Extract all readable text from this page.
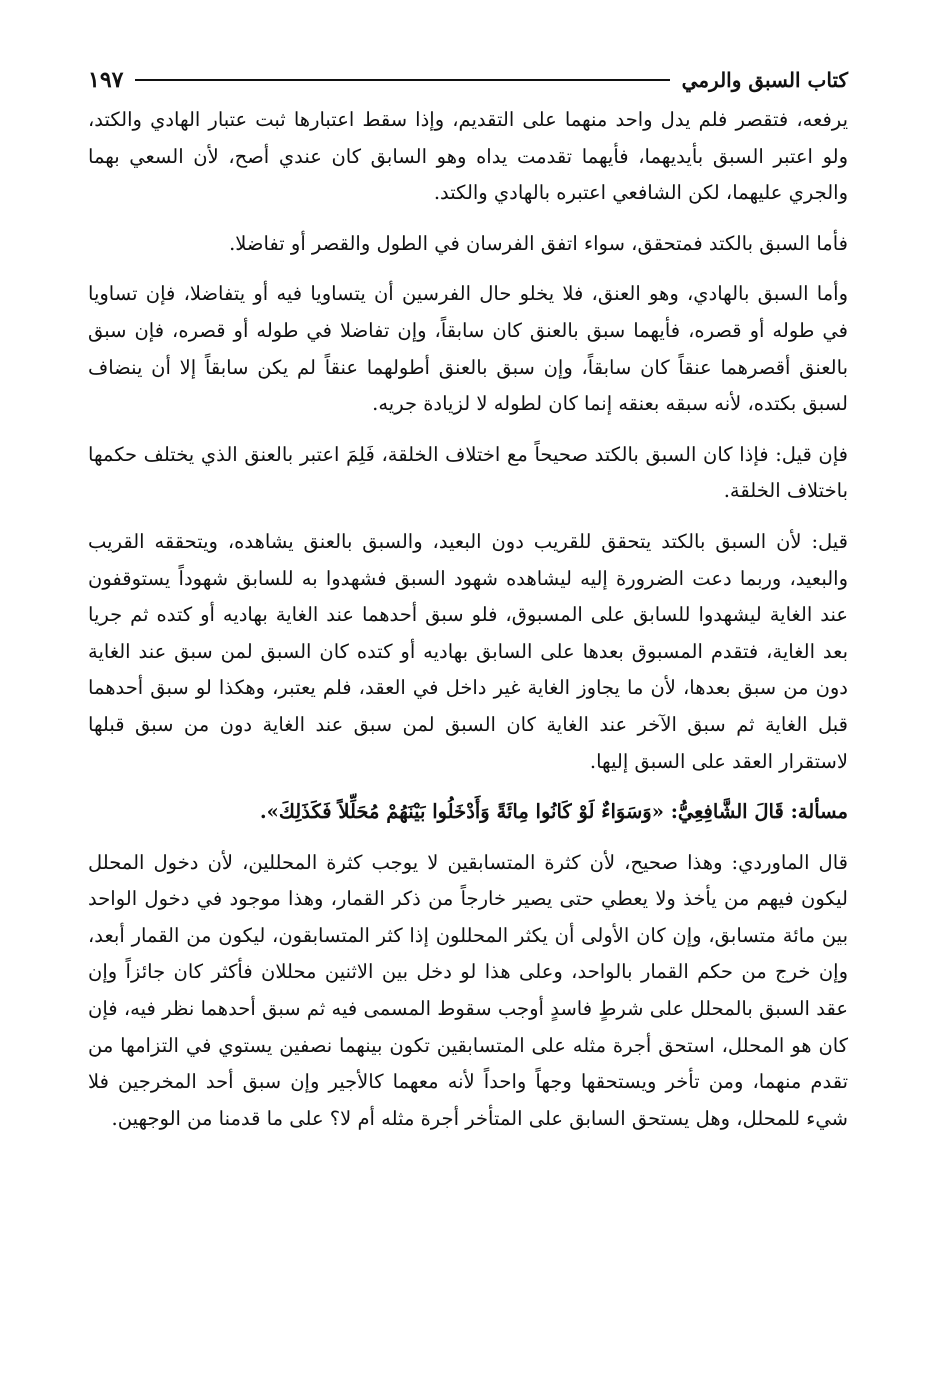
كتاب السبق والرمي
١٩٧

يرفعه، فتقصر فلم يدل واحد منهما على التقديم، وإذا سقط اعتبارها ثبت عتبار الهادي والكتد، ولو اعتبر السبق بأيديهما، فأيهما تقدمت يداه وهو السابق كان عندي أصح، لأن السعي بهما والجري عليهما، لكن الشافعي اعتبره بالهادي والكتد.

فأما السبق بالكتد فمتحقق، سواء اتفق الفرسان في الطول والقصر أو تفاضلا.

وأما السبق بالهادي، وهو العنق، فلا يخلو حال الفرسين أن يتساويا فيه أو يتفاضلا، فإن تساويا في طوله أو قصره، فأيهما سبق بالعنق كان سابقاً، وإن تفاضلا في طوله أو قصره، فإن سبق بالعنق أقصرهما عنقاً كان سابقاً، وإن سبق بالعنق أطولهما عنقاً لم يكن سابقاً إلا أن ينضاف لسبق بكتده، لأنه سبقه بعنقه إنما كان لطوله لا لزيادة جريه.

فإن قيل: فإذا كان السبق بالكتد صحيحاً مع اختلاف الخلقة، فَلِمَ اعتبر بالعنق الذي يختلف حكمها باختلاف الخلقة.

قيل: لأن السبق بالكتد يتحقق للقريب دون البعيد، والسبق بالعنق يشاهده، ويتحققه القريب والبعيد، وربما دعت الضرورة إليه ليشاهده شهود السبق فشهدوا به للسابق شهوداً يستوقفون عند الغاية ليشهدوا للسابق على المسبوق، فلو سبق أحدهما عند الغاية بهاديه أو كتده ثم جريا بعد الغاية، فتقدم المسبوق بعدها على السابق بهاديه أو كتده كان السبق لمن سبق عند الغاية دون من سبق بعدها، لأن ما يجاوز الغاية غير داخل في العقد، فلم يعتبر، وهكذا لو سبق أحدهما قبل الغاية ثم سبق الآخر عند الغاية كان السبق لمن سبق عند الغاية دون من سبق قبلها لاستقرار العقد على السبق إليها.

مسألة: قَالَ الشَّافِعِيُّ: «وَسَوَاءٌ لَوْ كَانُوا مِائَةً وَأَدْخَلُوا بَيْنَهُمْ مُحَلِّلاً فَكَذَلِكَ».

قال الماوردي: وهذا صحيح، لأن كثرة المتسابقين لا يوجب كثرة المحللين، لأن دخول المحلل ليكون فيهم من يأخذ ولا يعطي حتى يصير خارجاً من ذكر القمار، وهذا موجود في دخول الواحد بين مائة متسابق، وإن كان الأولى أن يكثر المحللون إذا كثر المتسابقون، ليكون من القمار أبعد، وإن خرج من حكم القمار بالواحد، وعلى هذا لو دخل بين الاثنين محللان فأكثر كان جائزاً وإن عقد السبق بالمحلل على شرطٍ فاسدٍ أوجب سقوط المسمى فيه ثم سبق أحدهما نظر فيه، فإن كان هو المحلل، استحق أجرة مثله على المتسابقين تكون بينهما نصفين يستوي في التزامها من تقدم منهما، ومن تأخر ويستحقها وجهاً واحداً لأنه معهما كالأجير وإن سبق أحد المخرجين فلا شيء للمحلل، وهل يستحق السابق على المتأخر أجرة مثله أم لا؟ على ما قدمنا من الوجهين.
